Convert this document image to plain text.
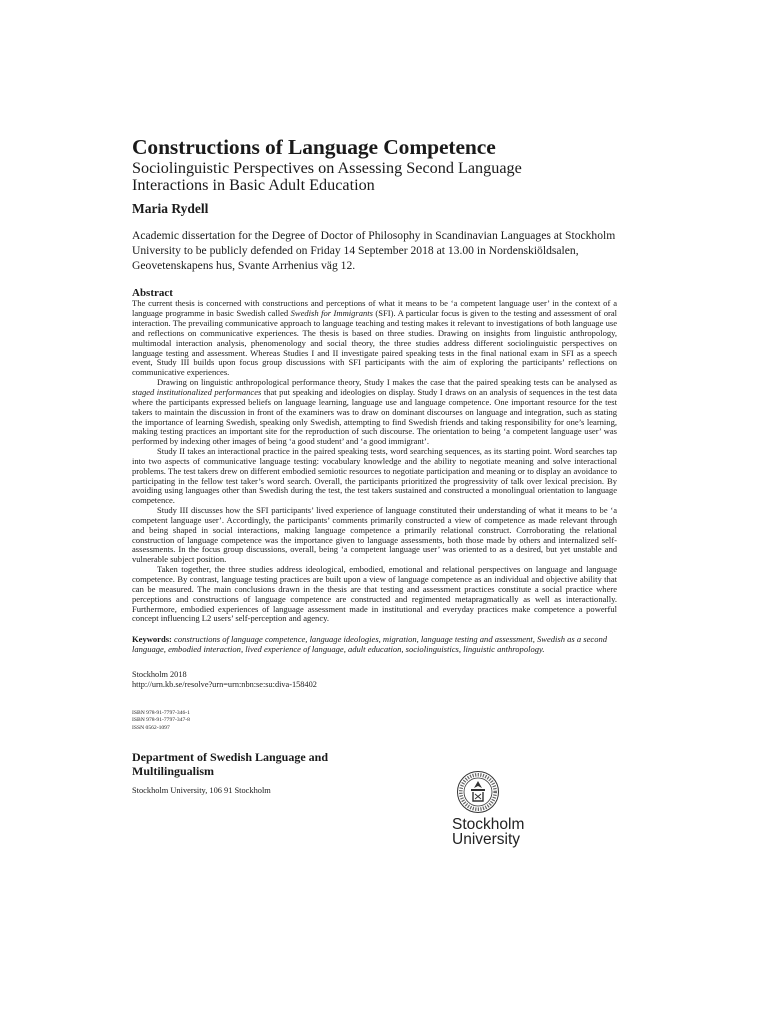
Constructions of Language Competence
Sociolinguistic Perspectives on Assessing Second Language
Interactions in Basic Adult Education
Maria Rydell

Academic dissertation for the Degree of Doctor of Philosophy in Scandinavian Languages at Stockholm University to be publicly defended on Friday 14 September 2018 at 13.00 in Nordenskiöldsalen, Geovetenskapens hus, Svante Arrhenius väg 12.

Abstract

The current thesis is concerned with constructions and perceptions of what it means to be ‘a competent language user’ in the context of a language programme in basic Swedish called Swedish for Immigrants (SFI). A particular focus is given to the testing and assessment of oral interaction. The prevailing communicative approach to language teaching and testing makes it relevant to investigations of both language use and reflections on communicative experiences. The thesis is based on three studies. Drawing on insights from linguistic anthropology, multimodal interaction analysis, phenomenology and social theory, the three studies address different sociolinguistic perspectives on language testing and assessment. Whereas Studies I and II investigate paired speaking tests in the final national exam in SFI as a speech event, Study III builds upon focus group discussions with SFI participants with the aim of exploring the participants’ reflections on communicative experiences.

Drawing on linguistic anthropological performance theory, Study I makes the case that the paired speaking tests can be analysed as staged institutionalized performances that put speaking and ideologies on display. Study I draws on an analysis of sequences in the test data where the participants expressed beliefs on language learning, language use and language competence. One important resource for the test takers to maintain the discussion in front of the examiners was to draw on dominant discourses on language and integration, such as stating the importance of learning Swedish, speaking only Swedish, attempting to find Swedish friends and taking responsibility for one’s learning, making testing practices an important site for the reproduction of such discourse. The orientation to being ‘a competent language user’ was performed by indexing other images of being ‘a good student’ and ‘a good immigrant’.

Study II takes an interactional practice in the paired speaking tests, word searching sequences, as its starting point. Word searches tap into two aspects of communicative language testing: vocabulary knowledge and the ability to negotiate meaning and solve interactional problems. The test takers drew on different embodied semiotic resources to negotiate participation and meaning or to display an avoidance to participating in the fellow test taker’s word search. Overall, the participants prioritized the progressivity of talk over lexical precision. By avoiding using languages other than Swedish during the test, the test takers sustained and constructed a monolingual orientation to language competence.

Study III discusses how the SFI participants’ lived experience of language constituted their understanding of what it means to be ‘a competent language user’. Accordingly, the participants’ comments primarily constructed a view of competence as made relevant through and being shaped in social interactions, making language competence a primarily relational construct. Corroborating the relational construction of language competence was the importance given to language assessments, both those made by others and internalized self-assessments. In the focus group discussions, overall, being ‘a competent language user’ was oriented to as a desired, but yet unstable and vulnerable subject position.

Taken together, the three studies address ideological, embodied, emotional and relational perspectives on language and language competence. By contrast, language testing practices are built upon a view of language competence as an individual and objective ability that can be measured. The main conclusions drawn in the thesis are that testing and assessment practices constitute a social practice where perceptions and constructions of language competence are constructed and regimented metapragmatically as well as interactionally. Furthermore, embodied experiences of language assessment made in institutional and everyday practices make competence a powerful concept influencing L2 users’ self-perception and agency.

Keywords: constructions of language competence, language ideologies, migration, language testing and assessment, Swedish as a second language, embodied interaction, lived experience of language, adult education, sociolinguistics, linguistic anthropology.

Stockholm 2018

http://urn.kb.se/resolve?urn=urn:nbn:se:su:diva-158402

ISBN 978-91-7797-346-1

ISBN 978-91-7797-347-8

ISSN 0562-1097

Department of Swedish Language and

Multilingualism

Stockholm University, 106 91 Stockholm

Stockholm
University
